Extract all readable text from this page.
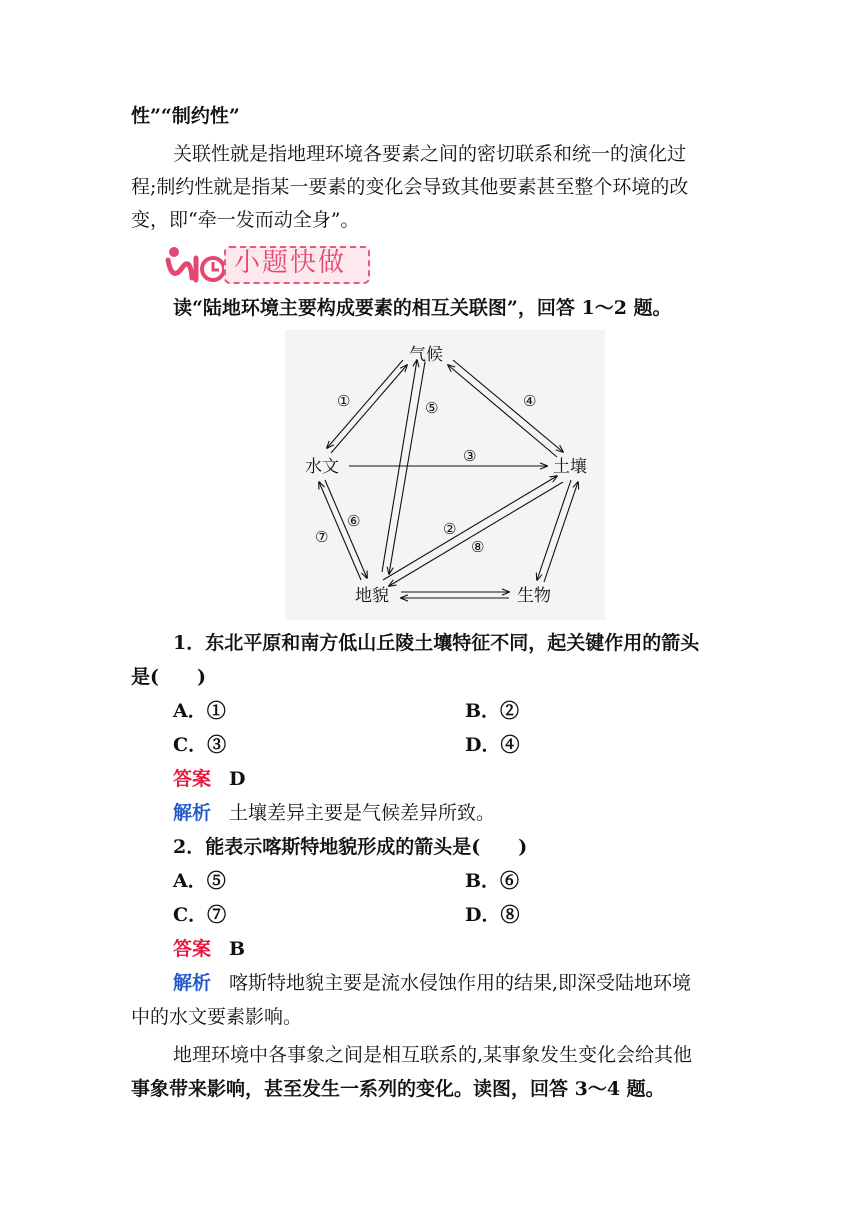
性”“制约性”
关联性就是指地理环境各要素之间的密切联系和统一的演化过
程;制约性就是指某一要素的变化会导致其他要素甚至整个环境的改
变，即“牵一发而动全身”。
小题快做
读“陆地环境主要构成要素的相互关联图”，回答 1～2 题。
气候
水文	土壤
地貌	生物
①
②
③
④
⑤
⑥
⑦
⑧
1．东北平原和南方低山丘陵土壤特征不同，起关键作用的箭头
是(　　)
A．①	B．②
C．③	D．④
答案 D
解析 土壤差异主要是气候差异所致。
2．能表示喀斯特地貌形成的箭头是(　　)
A．⑤	B．⑥
C．⑦	D．⑧
答案 B
解析 喀斯特地貌主要是流水侵蚀作用的结果,即深受陆地环境
中的水文要素影响。
地理环境中各事象之间是相互联系的,某事象发生变化会给其他
事象带来影响，甚至发生一系列的变化。读图，回答 3～4 题。
